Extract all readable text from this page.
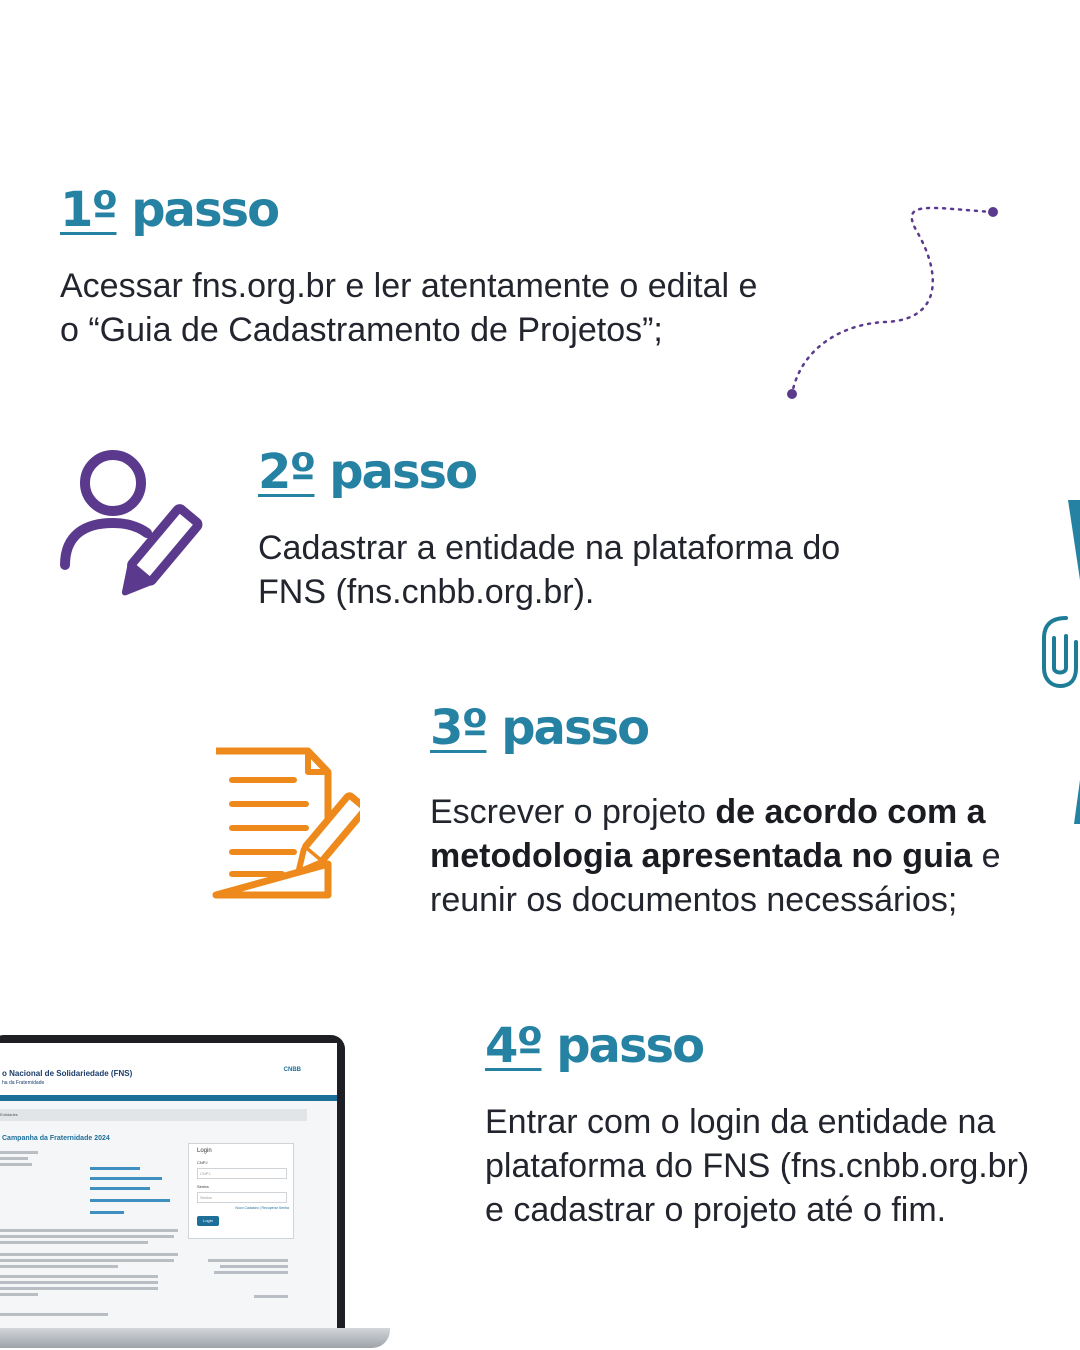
1º passo

Acessar fns.org.br e ler atentamente o edital e o “Guia de Cadastramento de Projetos”;

2º passo

Cadastrar a entidade na plataforma do FNS (fns.cnbb.org.br).

3º passo

Escrever o projeto de acordo com a metodologia apresentada no guia e reunir os documentos necessários;

4º passo

Entrar com o login da entidade na plataforma do FNS (fns.cnbb.org.br) e cadastrar o projeto até o fim.

o Nacional de Solidariedade (FNS)
ha da Fraternidade
CNBB
Entidades
Campanha da Fraternidade 2024
Login
CNPJ
CNPJ
Senha
Senha
Novo Cadastro | Recuperar Senha
Login
